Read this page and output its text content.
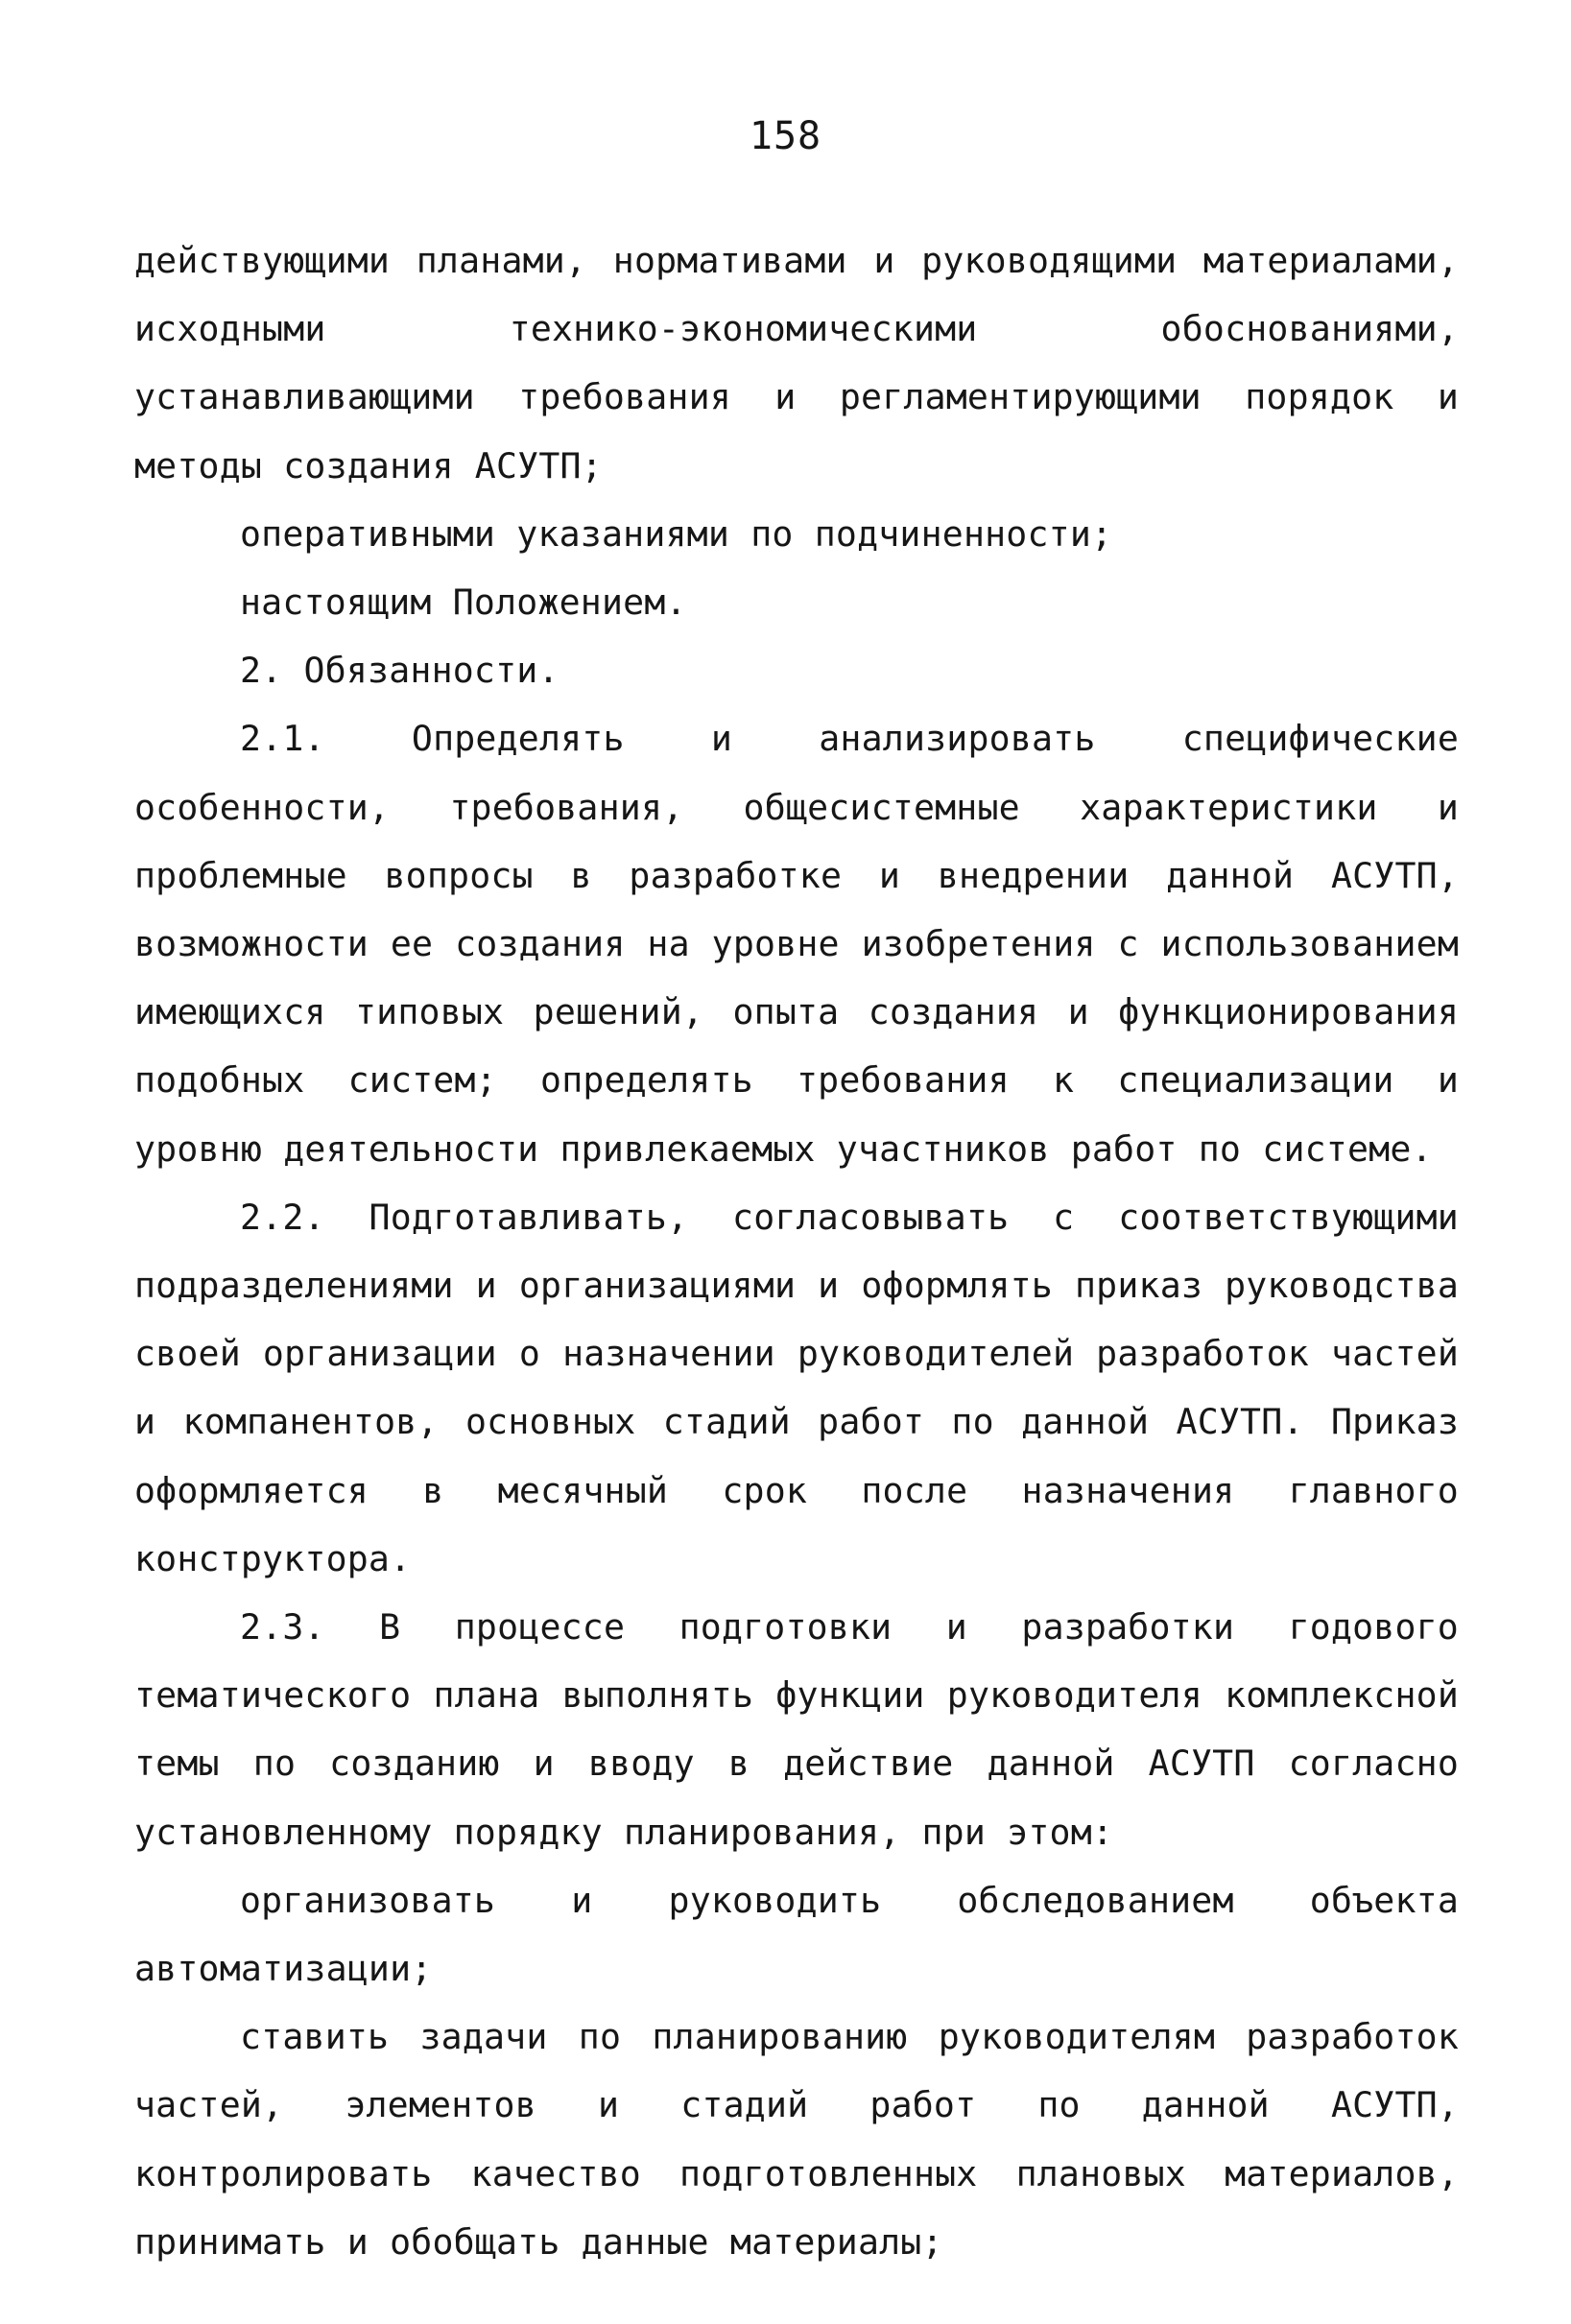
158

действующими планами, нормативами и руководящими материалами, исходными технико-экономическими обоснованиями, устанавливающими требования и регламентирующими порядок и методы создания АСУТП;

оперативными указаниями по подчиненности;

настоящим Положением.

2. Обязанности.

2.1. Определять и анализировать специфические особенности, требования, общесистемные характеристики и проблемные вопросы в разработке и внедрении данной АСУТП, возможности ее создания на уровне изобретения с использованием имеющихся типовых решений, опыта создания и функционирования подобных систем; определять требования к специализации и уровню деятельности привлекаемых участников работ по системе.

2.2. Подготавливать, согласовывать с соответствующими подразделениями и организациями и оформлять приказ руководства своей организации о назначении руководителей разработок частей и компанентов, основных стадий работ по данной АСУТП. Приказ оформляется в месячный срок после назначения главного конструктора.

2.3. В процессе подготовки и разработки годового тематического плана выполнять функции руководителя комплексной темы по созданию и вводу в действие данной АСУТП согласно установленному порядку планирования, при этом:

организовать и руководить обследованием объекта автоматизации;

ставить задачи по планированию руководителям разработок частей, элементов и стадий работ по данной АСУТП, контролировать качество подготовленных плановых материалов, принимать и обобщать данные материалы;
